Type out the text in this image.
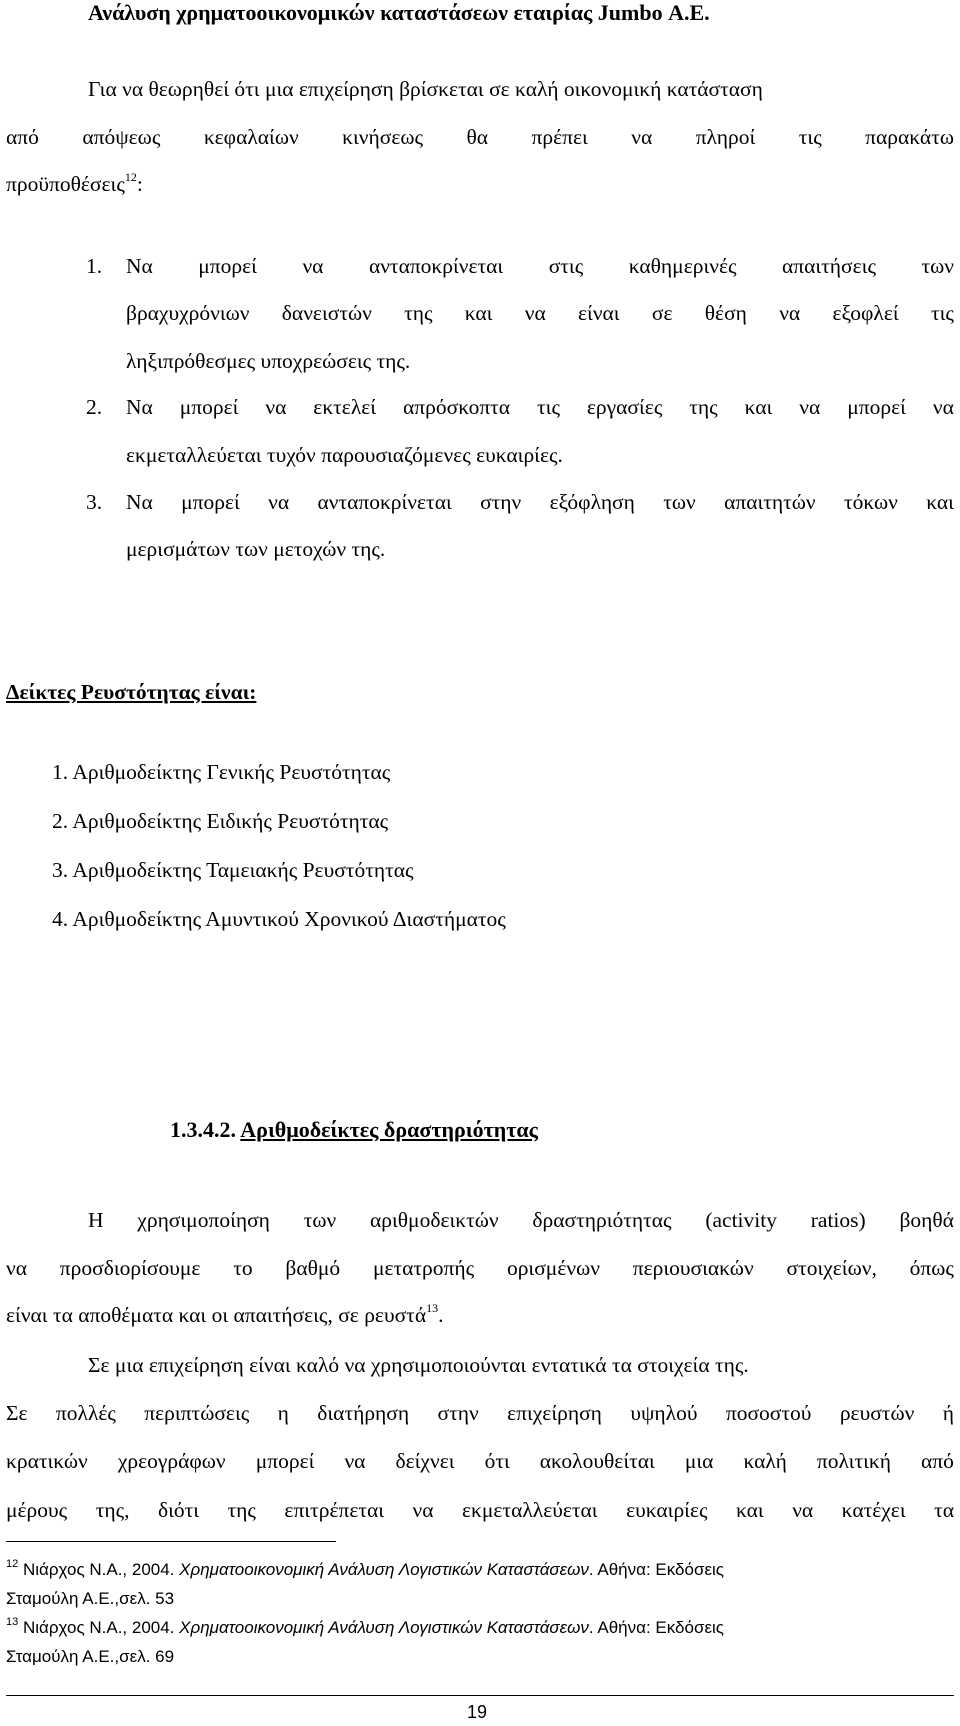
Ανάλυση χρηματοοικονομικών καταστάσεων εταιρίας Jumbo Α.Ε.
Για να θεωρηθεί ότι μια επιχείρηση βρίσκεται σε καλή οικονομική κατάσταση
από απόψεως κεφαλαίων κινήσεως θα πρέπει να πληροί τις παρακάτω
προϋποθέσεις$^{12}$:
1. Να μπορεί να ανταποκρίνεται στις καθημερινές απαιτήσεις των
βραχυχρόνιων δανειστών της και να είναι σε θέση να εξοφλεί τις
ληξιπρόθεσμες υποχρεώσεις της.
2. Να μπορεί να εκτελεί απρόσκοπτα τις εργασίες της και να μπορεί να
εκμεταλλεύεται τυχόν παρουσιαζόμενες ευκαιρίες.
3. Να μπορεί να ανταποκρίνεται στην εξόφληση των απαιτητών τόκων και
μερισμάτων των μετοχών της.
Δείκτες Ρευστότητας είναι:
1. Αριθμοδείκτης Γενικής Ρευστότητας
2. Αριθμοδείκτης Ειδικής Ρευστότητας
3. Αριθμοδείκτης Ταμειακής Ρευστότητας
4. Αριθμοδείκτης Αμυντικού Χρονικού Διαστήματος
1.3.4.2. Αριθμοδείκτες δραστηριότητας
Η χρησιμοποίηση των αριθμοδεικτών δραστηριότητας (activity ratios) βοηθά
να προσδιορίσουμε το βαθμό μετατροπής ορισμένων περιουσιακών στοιχείων, όπως
είναι τα αποθέματα και οι απαιτήσεις, σε ρευστά$^{13}$.
Σε μια επιχείρηση είναι καλό να χρησιμοποιούνται εντατικά τα στοιχεία της.
Σε πολλές περιπτώσεις η διατήρηση στην επιχείρηση υψηλού ποσοστού ρευστών ή
κρατικών χρεογράφων μπορεί να δείχνει ότι ακολουθείται μια καλή πολιτική από
μέρους της, διότι της επιτρέπεται να εκμεταλλεύεται ευκαιρίες και να κατέχει τα
$^{12}$ Νιάρχος Ν.Α., 2004. Χρηματοοικονομική Ανάλυση Λογιστικών Καταστάσεων. Αθήνα: Εκδόσεις
Σταμούλη Α.Ε.,σελ. 53
$^{13}$ Νιάρχος Ν.Α., 2004. Χρηματοοικονομική Ανάλυση Λογιστικών Καταστάσεων. Αθήνα: Εκδόσεις
Σταμούλη Α.Ε.,σελ. 69
19
